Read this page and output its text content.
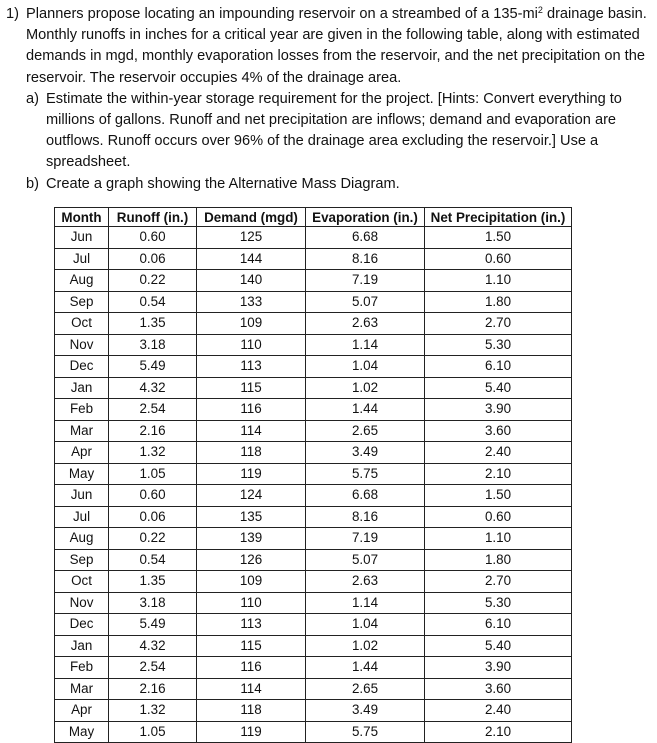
1) Planners propose locating an impounding reservoir on a streambed of a $135-mi^2$ drainage basin. Monthly runoffs in inches for a critical year are given in the following table, along with estimated demands in mgd, monthly evaporation losses from the reservoir, and the net precipitation on the reservoir. The reservoir occupies 4% of the drainage area.
a) Estimate the within-year storage requirement for the project. [Hints: Convert everything to millions of gallons. Runoff and net precipitation are inflows; demand and evaporation are outflows. Runoff occurs over 96% of the drainage area excluding the reservoir.] Use a spreadsheet.
b) Create a graph showing the Alternative Mass Diagram.
Month	Runoff (in.)	Demand (mgd)	Evaporation (in.)	Net Precipitation (in.)
Jun	0.60	125	6.68	1.50
Jul	0.06	144	8.16	0.60
Aug	0.22	140	7.19	1.10
Sep	0.54	133	5.07	1.80
Oct	1.35	109	2.63	2.70
Nov	3.18	110	1.14	5.30
Dec	5.49	113	1.04	6.10
Jan	4.32	115	1.02	5.40
Feb	2.54	116	1.44	3.90
Mar	2.16	114	2.65	3.60
Apr	1.32	118	3.49	2.40
May	1.05	119	5.75	2.10
Jun	0.60	124	6.68	1.50
Jul	0.06	135	8.16	0.60
Aug	0.22	139	7.19	1.10
Sep	0.54	126	5.07	1.80
Oct	1.35	109	2.63	2.70
Nov	3.18	110	1.14	5.30
Dec	5.49	113	1.04	6.10
Jan	4.32	115	1.02	5.40
Feb	2.54	116	1.44	3.90
Mar	2.16	114	2.65	3.60
Apr	1.32	118	3.49	2.40
May	1.05	119	5.75	2.10
